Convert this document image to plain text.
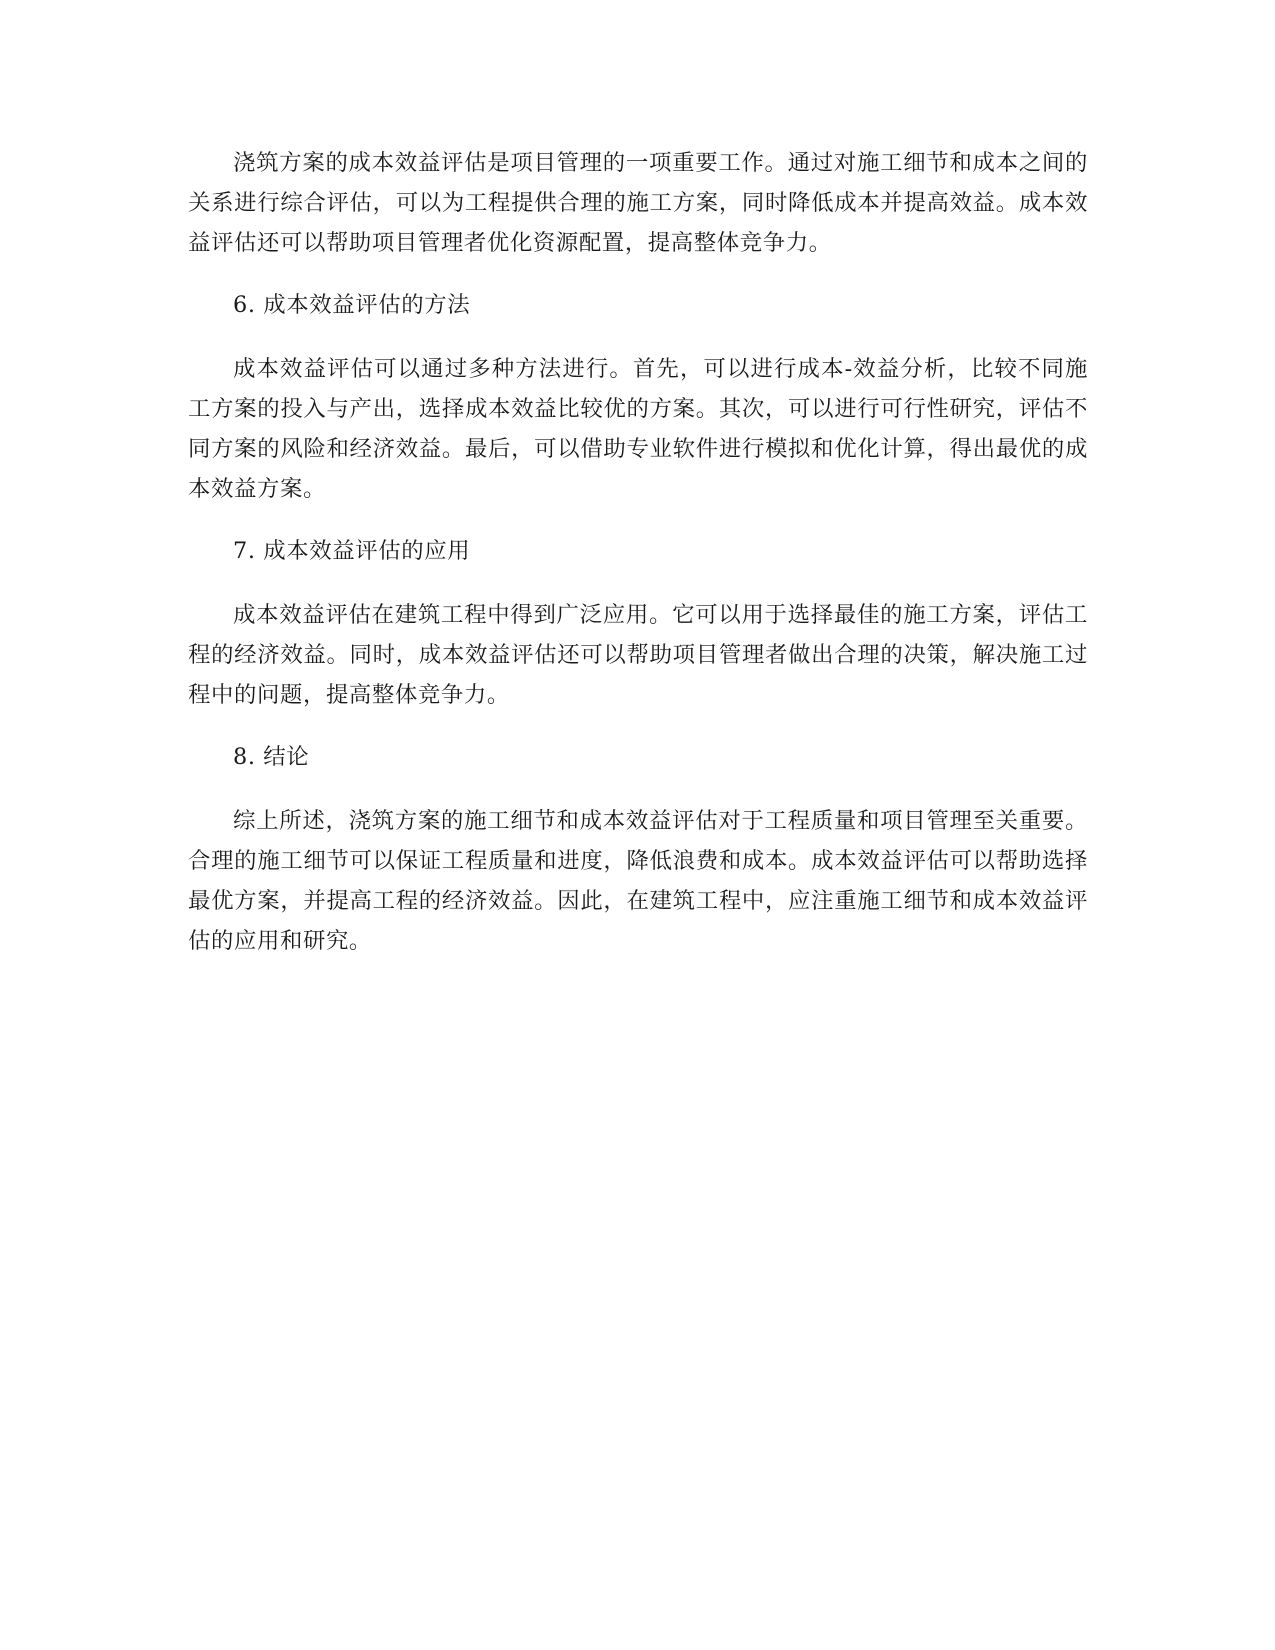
浇筑方案的成本效益评估是项目管理的一项重要工作。通过对施工细节和成本之间的关系进行综合评估，可以为工程提供合理的施工方案，同时降低成本并提高效益。成本效益评估还可以帮助项目管理者优化资源配置，提高整体竞争力。

6. 成本效益评估的方法

成本效益评估可以通过多种方法进行。首先，可以进行成本-效益分析，比较不同施工方案的投入与产出，选择成本效益比较优的方案。其次，可以进行可行性研究，评估不同方案的风险和经济效益。最后，可以借助专业软件进行模拟和优化计算，得出最优的成本效益方案。

7. 成本效益评估的应用

成本效益评估在建筑工程中得到广泛应用。它可以用于选择最佳的施工方案，评估工程的经济效益。同时，成本效益评估还可以帮助项目管理者做出合理的决策，解决施工过程中的问题，提高整体竞争力。

8. 结论

综上所述，浇筑方案的施工细节和成本效益评估对于工程质量和项目管理至关重要。合理的施工细节可以保证工程质量和进度，降低浪费和成本。成本效益评估可以帮助选择最优方案，并提高工程的经济效益。因此，在建筑工程中，应注重施工细节和成本效益评估的应用和研究。
